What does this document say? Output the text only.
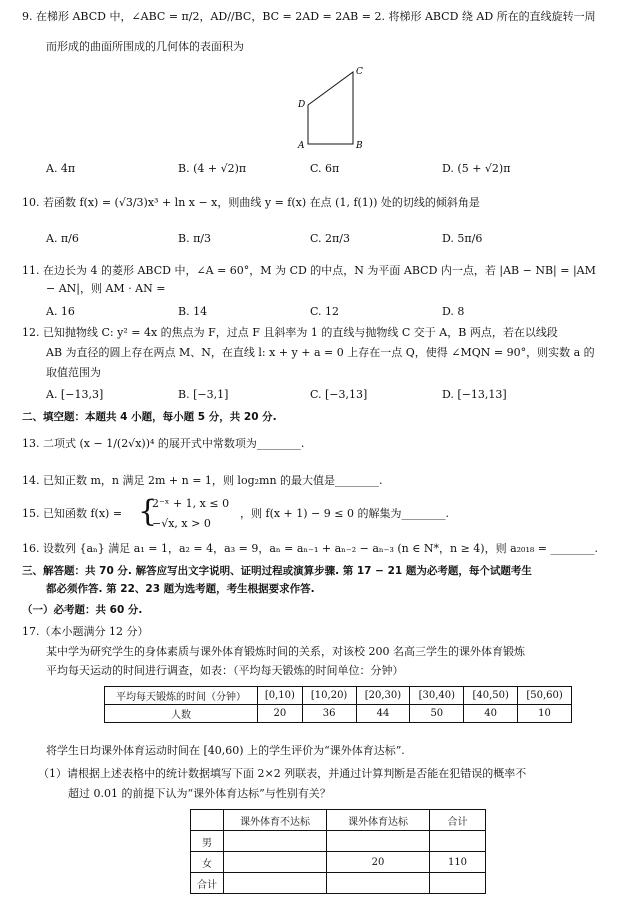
9. 在梯形 ABCD 中，∠ABC = π/2，AD//BC，BC = 2AD = 2AB = 2. 将梯形 ABCD 绕 AD 所在的直线旋转一周
而形成的曲面所围成的几何体的表面积为
C
D
A	B
A. 4π	B. (4 + √2)π	C. 6π	D. (5 + √2)π
10. 若函数 f(x) = (√3/3)x³ + ln x − x，则曲线 y = f(x) 在点 (1, f(1)) 处的切线的倾斜角是
A. π/6	B. π/3	C. 2π/3	D. 5π/6
11. 在边长为 4 的菱形 ABCD 中，∠A = 60°，M 为 CD 的中点，N 为平面 ABCD 内一点，若 |AB − NB| = |AM
− AN|，则 AM · AN =
A. 16	B. 14	C. 12	D. 8
12. 已知抛物线 C: y² = 4x 的焦点为 F，过点 F 且斜率为 1 的直线与抛物线 C 交于 A，B 两点，若在以线段
AB 为直径的圆上存在两点 M、N，在直线 l: x + y + a = 0 上存在一点 Q，使得 ∠MQN = 90°，则实数 a 的
取值范围为
A. [−13,3]	B. [−3,1]	C. [−3,13]	D. [−13,13]
二、填空题：本题共 4 小题，每小题 5 分，共 20 分.
13. 二项式 (x − 1/(2√x))⁴ 的展开式中常数项为________.
14. 已知正数 m，n 满足 2m + n = 1，则 log₂mn 的最大值是________.
15. 已知函数 f(x) = {
2⁻ˣ + 1, x ≤ 0
−√x, x > 0
，则 f(x + 1) − 9 ≤ 0 的解集为________.
16. 设数列 {aₙ} 满足 a₁ = 1，a₂ = 4，a₃ = 9，aₙ = aₙ₋₁ + aₙ₋₂ − aₙ₋₃ (n ∈ N*，n ≥ 4)，则 a₂₀₁₈ = ________.
三、解答题：共 70 分. 解答应写出文字说明、证明过程或演算步骤. 第 17 − 21 题为必考题，每个试题考生
都必须作答. 第 22、23 题为选考题，考生根据要求作答.
（一）必考题：共 60 分.
17.（本小题满分 12 分）
某中学为研究学生的身体素质与课外体育锻炼时间的关系，对该校 200 名高三学生的课外体育锻炼
平均每天运动的时间进行调查，如表：（平均每天锻炼的时间单位：分钟）
平均每天锻炼的时间（分钟）	[0,10)	[10,20)	[20,30)	[30,40)	[40,50)	[50,60)
人数	20	36	44	50	40	10
将学生日均课外体育运动时间在 [40,60) 上的学生评价为“课外体育达标”.
（1）请根据上述表格中的统计数据填写下面 2×2 列联表，并通过计算判断是否能在犯错误的概率不
超过 0.01 的前提下认为“课外体育达标”与性别有关？
	课外体育不达标	课外体育达标	合计
男			
女		20	110
合计			
